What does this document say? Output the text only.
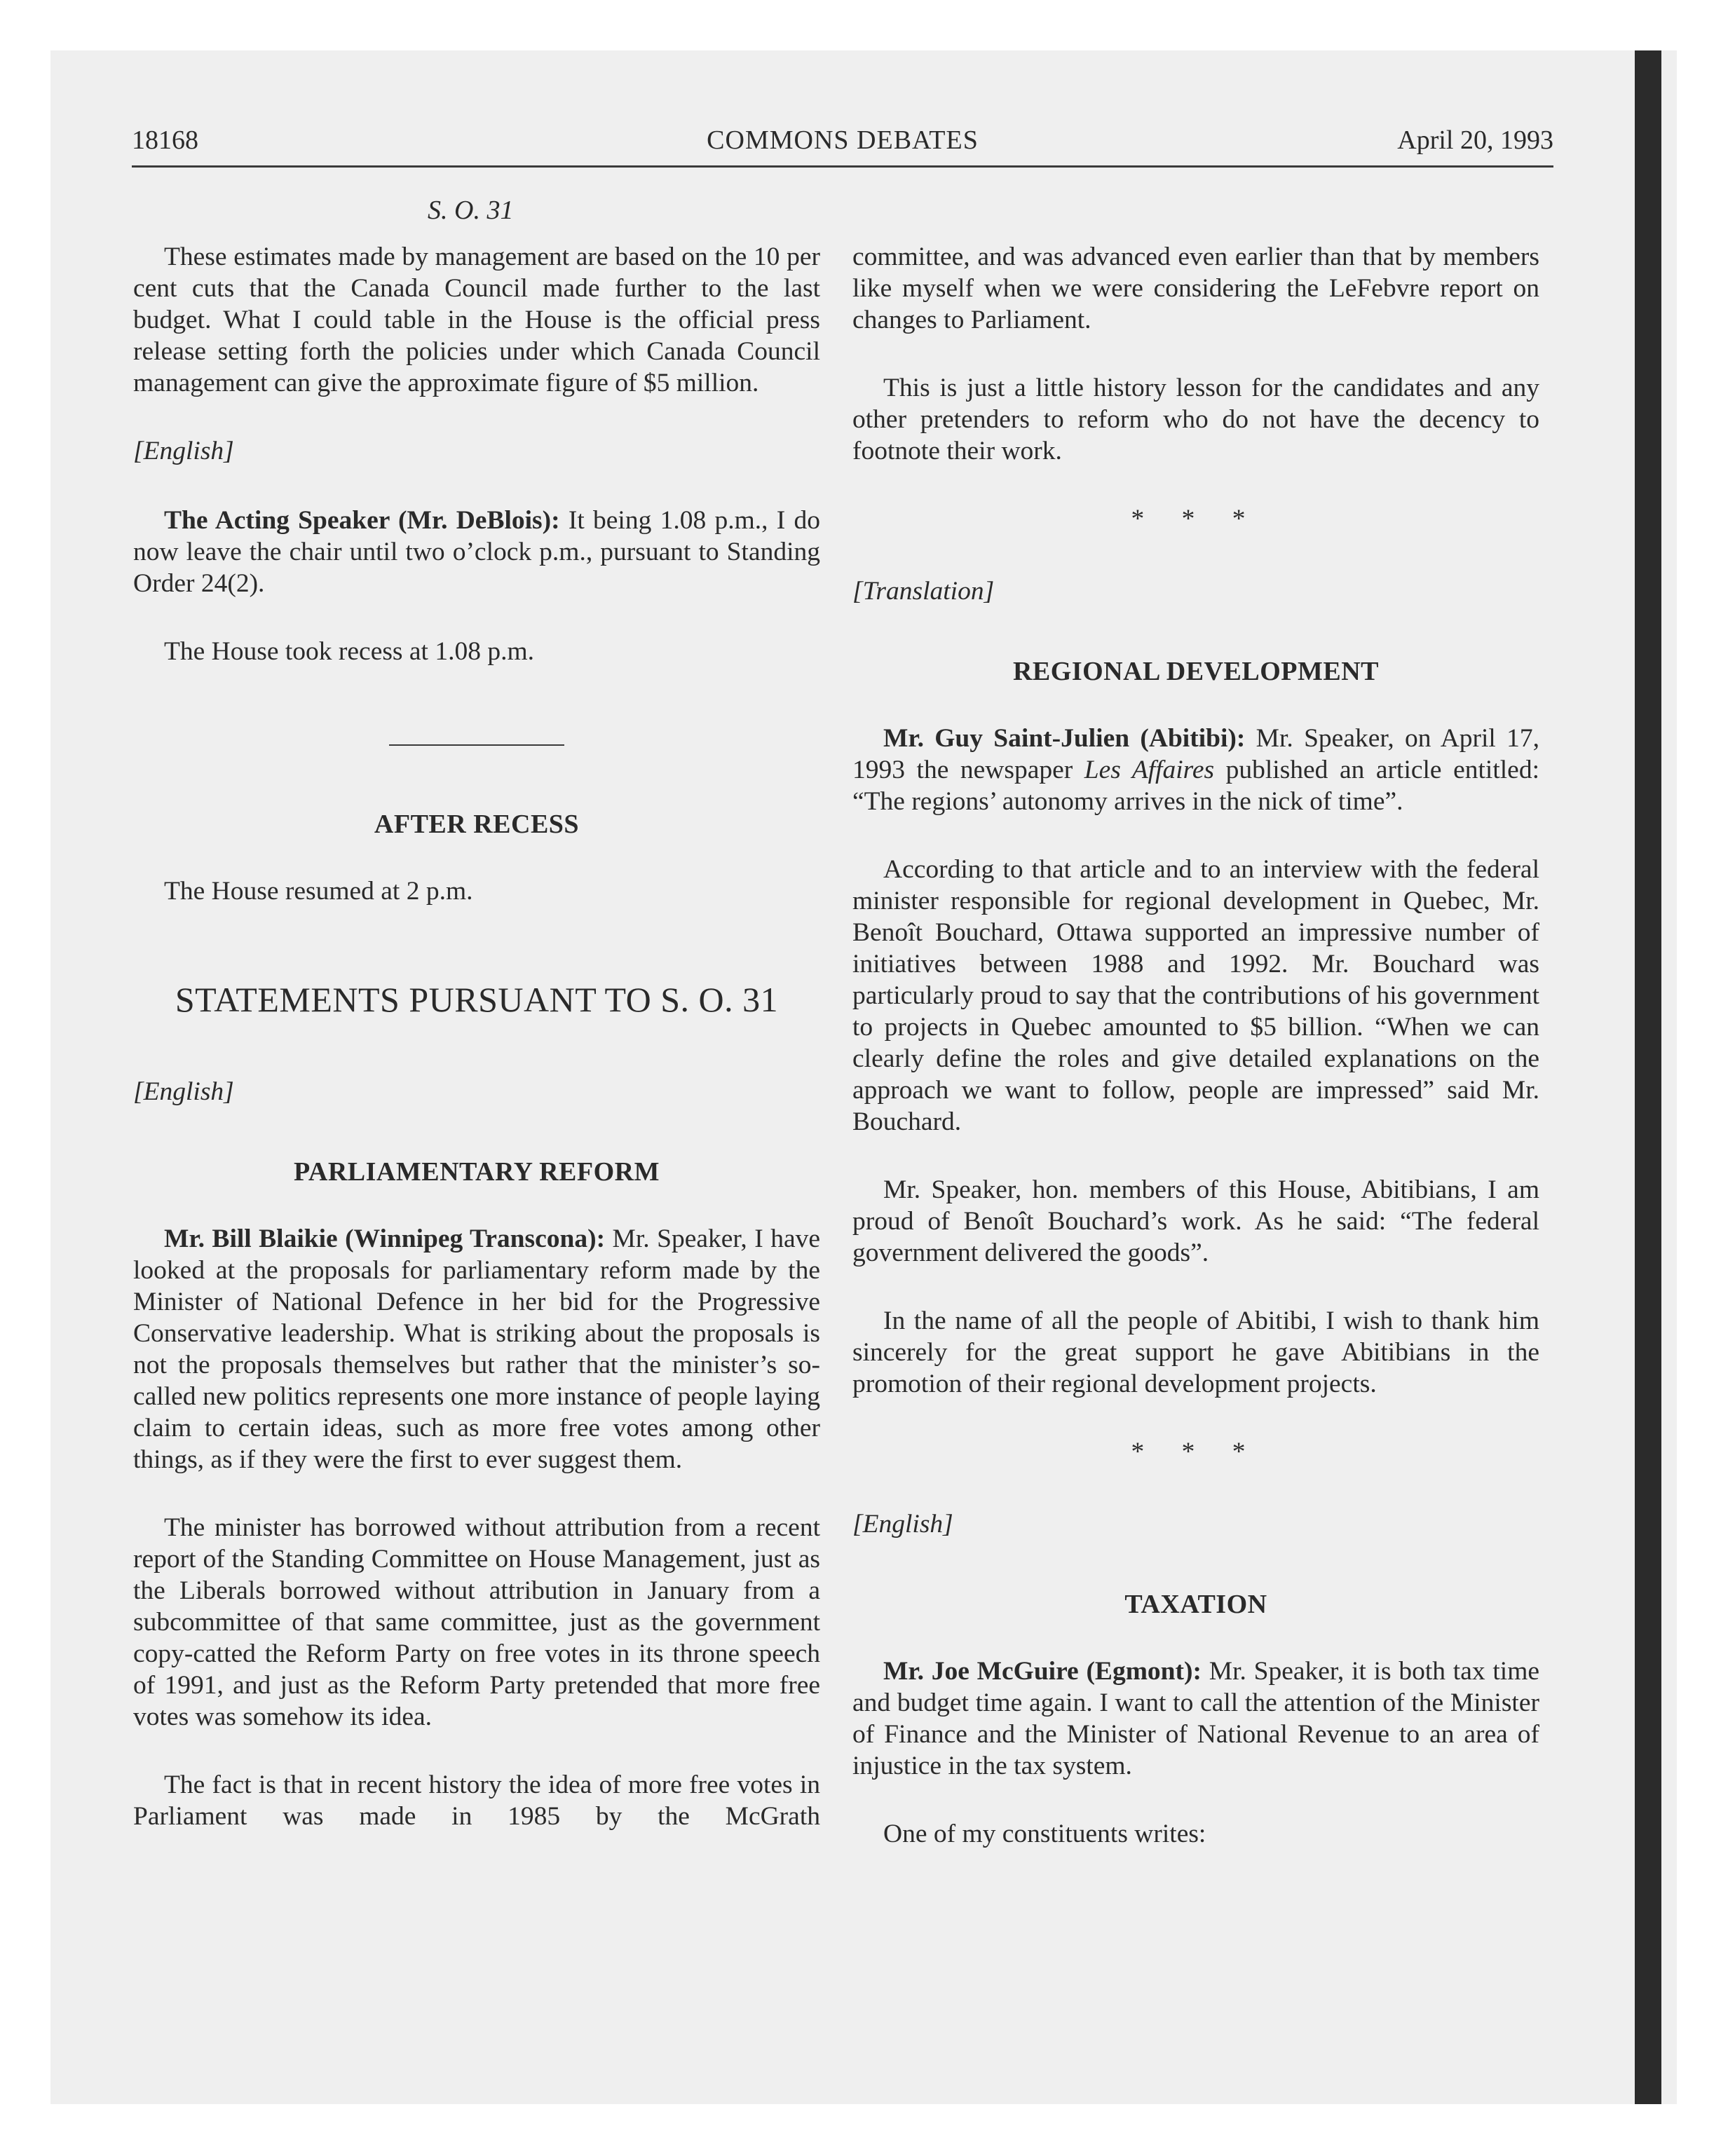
18168	COMMONS DEBATES	April 20, 1993
S. O. 31

These estimates made by management are based on the 10 per cent cuts that the Canada Council made further to the last budget. What I could table in the House is the official press release setting forth the policies under which Canada Council management can give the approximate figure of $5 million.

[English]

The Acting Speaker (Mr. DeBlois): It being 1.08 p.m., I do now leave the chair until two o’clock p.m., pursuant to Standing Order 24(2).

The House took recess at 1.08 p.m.
AFTER RECESS
The House resumed at 2 p.m.
STATEMENTS PURSUANT TO S. O. 31
[English]
PARLIAMENTARY REFORM

Mr. Bill Blaikie (Winnipeg Transcona): Mr. Speaker, I have looked at the proposals for parliamentary reform made by the Minister of National Defence in her bid for the Progressive Conservative leadership. What is striking about the proposals is not the proposals themselves but rather that the minister’s so-called new politics represents one more instance of people laying claim to certain ideas, such as more free votes among other things, as if they were the first to ever suggest them.

The minister has borrowed without attribution from a recent report of the Standing Committee on House Management, just as the Liberals borrowed without attribution in January from a subcommittee of that same committee, just as the government copy-catted the Reform Party on free votes in its throne speech of 1991, and just as the Reform Party pretended that more free votes was somehow its idea.

The fact is that in recent history the idea of more free votes in Parliament was made in 1985 by the McGrath

committee, and was advanced even earlier than that by members like myself when we were considering the LeFebvre report on changes to Parliament.

This is just a little history lesson for the candidates and any other pretenders to reform who do not have the decency to footnote their work.

* * *
[Translation]
REGIONAL DEVELOPMENT

Mr. Guy Saint-Julien (Abitibi): Mr. Speaker, on April 17, 1993 the newspaper Les Affaires published an article entitled: “The regions’ autonomy arrives in the nick of time”.

According to that article and to an interview with the federal minister responsible for regional development in Quebec, Mr. Benoît Bouchard, Ottawa supported an impressive number of initiatives between 1988 and 1992. Mr. Bouchard was particularly proud to say that the contributions of his government to projects in Quebec amounted to $5 billion. “When we can clearly define the roles and give detailed explanations on the approach we want to follow, people are impressed” said Mr. Bouchard.

Mr. Speaker, hon. members of this House, Abitibians, I am proud of Benoît Bouchard’s work. As he said: “The federal government delivered the goods”.

In the name of all the people of Abitibi, I wish to thank him sincerely for the great support he gave Abitibians in the promotion of their regional development projects.

* * *
[English]
TAXATION

Mr. Joe McGuire (Egmont): Mr. Speaker, it is both tax time and budget time again. I want to call the attention of the Minister of Finance and the Minister of National Revenue to an area of injustice in the tax system.

One of my constituents writes:
